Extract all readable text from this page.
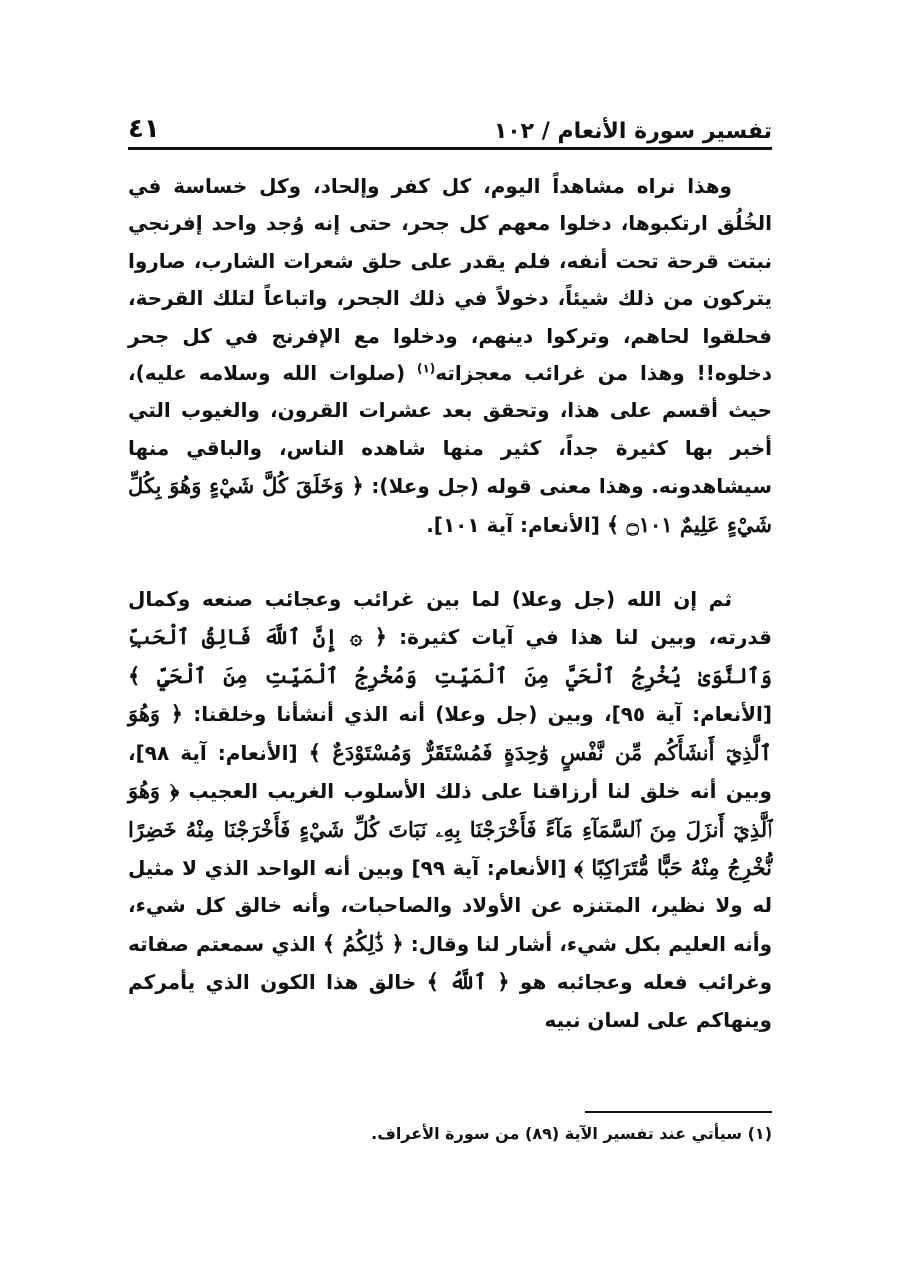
تفسير سورة الأنعام / ١٠٢
٤١

وهذا نراه مشاهداً اليوم، كل كفر وإلحاد، وكل خساسة في الخُلُق ارتكبوها، دخلوا معهم كل جحر، حتى إنه وُجد واحد إفرنجي نبتت قرحة تحت أنفه، فلم يقدر على حلق شعرات الشارب، صاروا يتركون من ذلك شيئاً، دخولاً في ذلك الجحر، واتباعاً لتلك القرحة، فحلقوا لحاهم، وتركوا دينهم، ودخلوا مع الإفرنج في كل جحر دخلوه!! وهذا من غرائب معجزاته$^{(١)}$ (صلوات الله وسلامه عليه)، حيث أقسم على هذا، وتحقق بعد عشرات القرون، والغيوب التي أخبر بها كثيرة جداً، كثير منها شاهده الناس، والباقي منها سيشاهدونه. وهذا معنى قوله (جل وعلا): ﴿ وَخَلَقَ كُلَّ شَيْءٍ وَهُوَ بِكُلِّ شَيْءٍ عَلِيمٌ ۝١٠١ ﴾ [الأنعام: آية ١٠١].

ثم إن الله (جل وعلا) لما بين غرائب وعجائب صنعه وكمال قدرته، وبين لنا هذا في آيات كثيرة: ﴿ ۞ إِنَّ ٱللَّهَ فَالِقُ ٱلْحَبِّ وَٱلنَّوَىٰ يُخْرِجُ ٱلْحَيَّ مِنَ ٱلْمَيِّتِ وَمُخْرِجُ ٱلْمَيِّتِ مِنَ ٱلْحَيِّ ﴾ [الأنعام: آية ٩٥]، وبين (جل وعلا) أنه الذي أنشأنا وخلقنا: ﴿ وَهُوَ ٱلَّذِيٓ أَنشَأَكُم مِّن نَّفْسٍ وَٰحِدَةٍ فَمُسْتَقَرٌّ وَمُسْتَوْدَعٌ ﴾ [الأنعام: آية ٩٨]، وبين أنه خلق لنا أرزاقنا على ذلك الأسلوب الغريب العجيب ﴿ وَهُوَ ٱلَّذِيٓ أَنزَلَ مِنَ ٱلسَّمَآءِ مَآءً فَأَخْرَجْنَا بِهِۦ نَبَاتَ كُلِّ شَيْءٍ فَأَخْرَجْنَا مِنْهُ خَضِرًا نُّخْرِجُ مِنْهُ حَبًّا مُّتَرَاكِبًا ﴾ [الأنعام: آية ٩٩] وبين أنه الواحد الذي لا مثيل له ولا نظير، المتنزه عن الأولاد والصاحبات، وأنه خالق كل شيء، وأنه العليم بكل شيء، أشار لنا وقال: ﴿ ذَٰلِكُمُ ﴾ الذي سمعتم صفاته وغرائب فعله وعجائبه هو ﴿ ٱللَّهُ ﴾ خالق هذا الكون الذي يأمركم وينهاكم على لسان نبيه

(١) سيأتي عند تفسير الآية (٨٩) من سورة الأعراف.
